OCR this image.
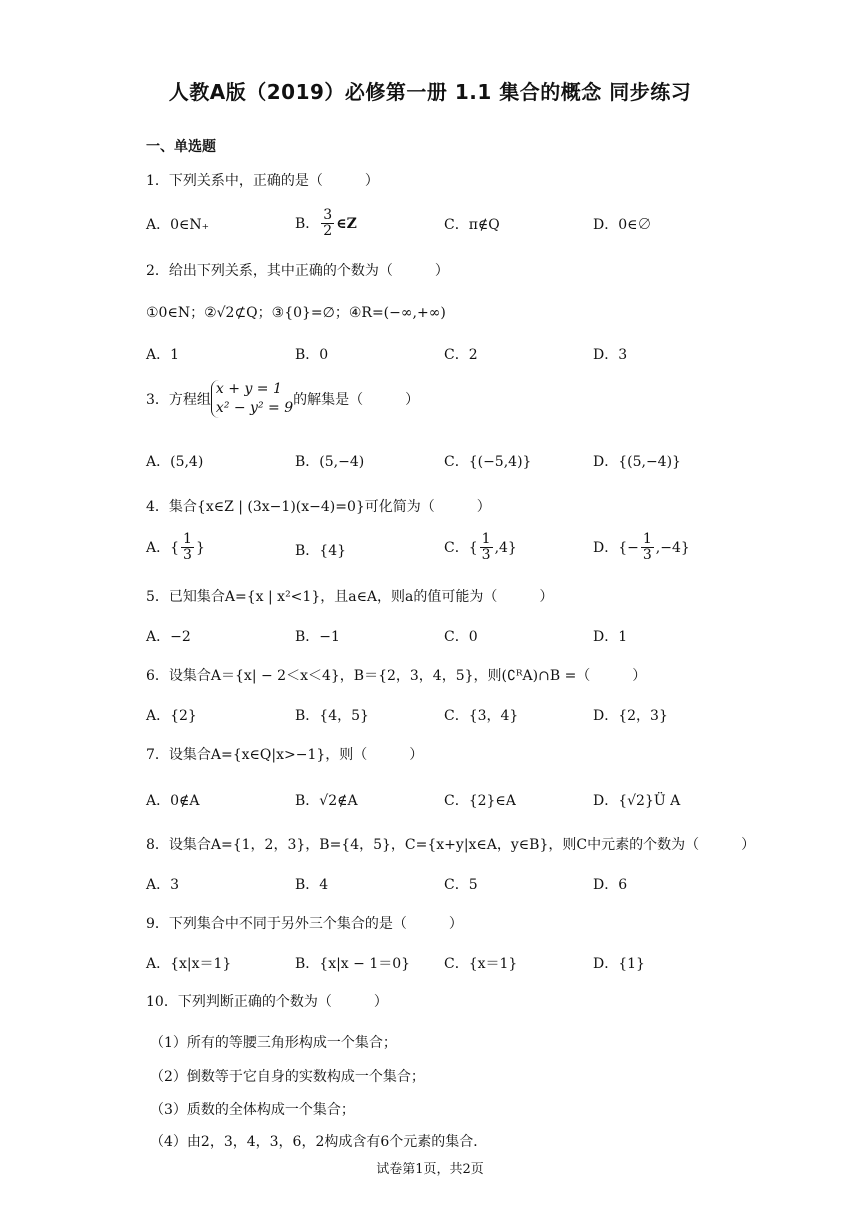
人教A版（2019）必修第一册 1.1 集合的概念 同步练习
一、单选题
1．下列关系中，正确的是（　　　）
A．0∈N₊	B． $\frac{3}{2}$ ∈Z	C．π∉Q	D．0∈∅
2．给出下列关系，其中正确的个数为（　　　）
①0∈N；②√2⊄Q；③{0}=∅；④R=(−∞,+∞)
A．1	B．0	C．2	D．3
3．方程组
x + y = 1
x² − y² = 9 的解集是（　　　）
A．(5,4)	B．(5,−4)	C．{(−5,4)}	D．{(5,−4)}
4．集合{x∈Z | (3x−1)(x−4)=0}可化简为（　　　）
A．{ $\frac{1}{3}$ }	B．{4}	C．{ $\frac{1}{3} ,4$}	D．{− $\frac{1}{3} ,-4$}
5．已知集合A={x | x²<1}，且a∈A，则a的值可能为（　　　）
A．−2	B．−1	C．0	D．1
6．设集合A＝{x| − 2＜x＜4}，B＝{2，3，4，5}，则(∁ᴿA)∩B =（　　　）
A．{2}	B．{4，5}	C．{3，4}	D．{2，3}
7．设集合A={x∈Q|x>−1}，则（　　　）
A．0∉A	B．√2∉A	C．{2}∈A	D．{√2}Ü A
8．设集合A={1，2，3}，B={4，5}，C={x+y|x∈A，y∈B}，则C中元素的个数为（　　　）
A．3	B．4	C．5	D．6
9．下列集合中不同于另外三个集合的是（　　　）
A．{x|x＝1}	B．{x|x − 1＝0} C．{x＝1}	D．{1}
10．下列判断正确的个数为（　　　）
（1）所有的等腰三角形构成一个集合；
（2）倒数等于它自身的实数构成一个集合；
（3）质数的全体构成一个集合；
（4）由2，3，4，3，6，2构成含有6个元素的集合．
试卷第1页，共2页
